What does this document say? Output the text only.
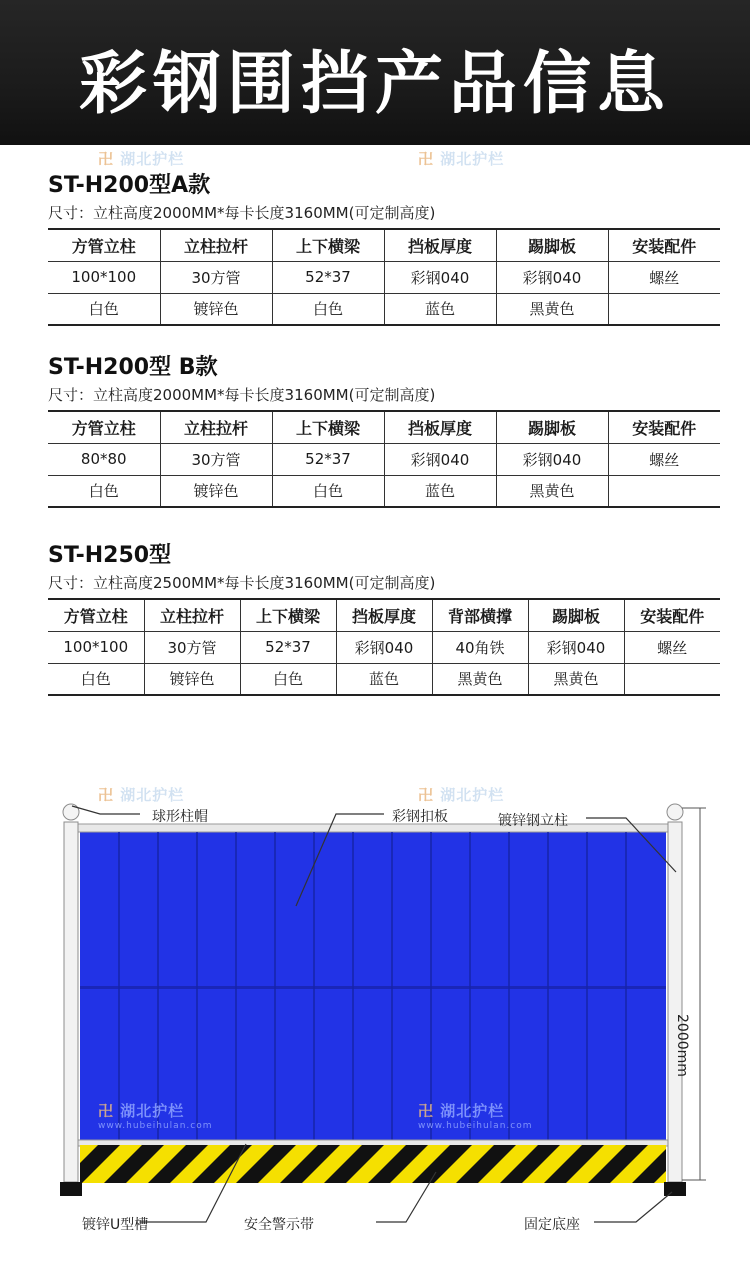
彩钢围挡产品信息
卍 湖北护栏	卍 湖北护栏
ST-H200型A款
尺寸：立柱高度2000MM*每卡长度3160MM(可定制高度)
方管立柱	立柱拉杆	上下横梁	挡板厚度	踢脚板	安装配件
100*100	30方管	52*37	彩钢040	彩钢040	螺丝
白色	镀锌色	白色	蓝色	黑黄色	
ST-H200型 B款
尺寸：立柱高度2000MM*每卡长度3160MM(可定制高度)
方管立柱	立柱拉杆	上下横梁	挡板厚度	踢脚板	安装配件
80*80	30方管	52*37	彩钢040	彩钢040	螺丝
白色	镀锌色	白色	蓝色	黑黄色	
ST-H250型
尺寸：立柱高度2500MM*每卡长度3160MM(可定制高度)
方管立柱	立柱拉杆	上下横梁	挡板厚度	背部横撑	踢脚板	安装配件
100*100	30方管	52*37	彩钢040	40角铁	彩钢040	螺丝
白色	镀锌色	白色	蓝色	黑黄色	黑黄色	
球形柱帽	彩钢扣板	镀锌钢立柱
2000mm
镀锌U型槽	安全警示带	固定底座
卍 湖北护栏	卍 湖北护栏
卍 湖北护栏
www.hubeihulan.com
卍 湖北护栏
www.hubeihulan.com
